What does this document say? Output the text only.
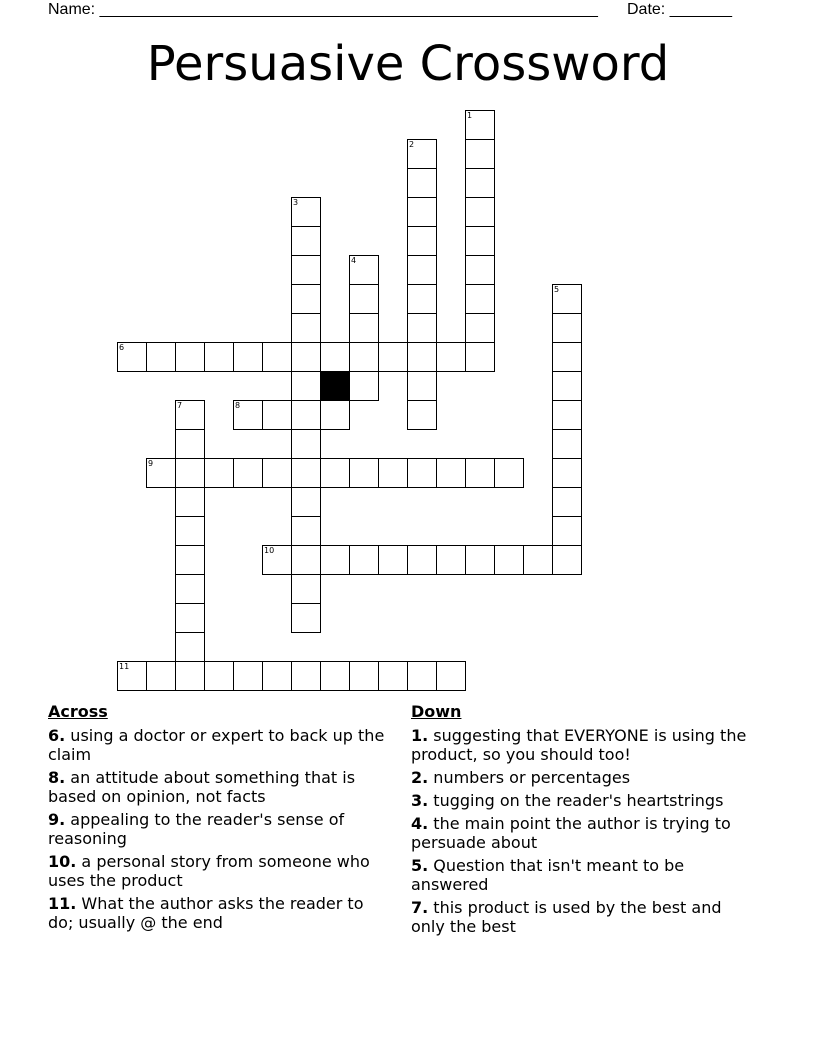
Name: ________________________________________________________

Date: _______

Persuasive Crossword
1
2
3
4
5
6
7	8
9
10
11
Across
6. using a doctor or expert to back up the claim
8. an attitude about something that is based on opinion, not facts
9. appealing to the reader's sense of reasoning
10. a personal story from someone who uses the product
11. What the author asks the reader to do; usually @ the end
Down
1. suggesting that EVERYONE is using the product, so you should too!
2. numbers or percentages
3. tugging on the reader's heartstrings
4. the main point the author is trying to persuade about
5. Question that isn't meant to be answered
7. this product is used by the best and only the best
